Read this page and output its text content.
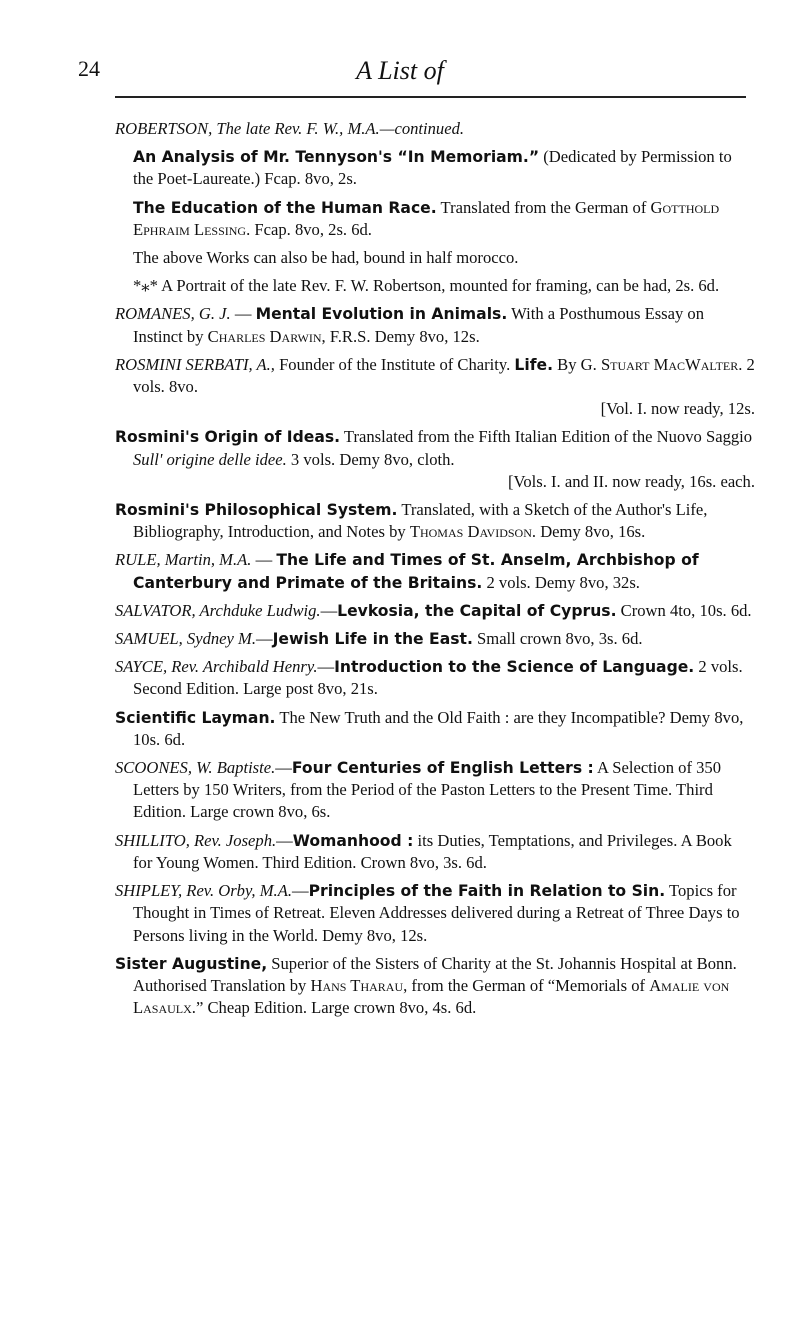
24	A List of
ROBERTSON, The late Rev. F. W., M.A.—continued.
An Analysis of Mr. Tennyson's “In Memoriam.” (Dedicated by Permission to the Poet-Laureate.) Fcap. 8vo, 2s.
The Education of the Human Race. Translated from the German of Gotthold Ephraim Lessing. Fcap. 8vo, 2s. 6d.
The above Works can also be had, bound in half morocco.
*⁎* A Portrait of the late Rev. F. W. Robertson, mounted for framing, can be had, 2s. 6d.
ROMANES, G. J. — Mental Evolution in Animals. With a Posthumous Essay on Instinct by Charles Darwin, F.R.S. Demy 8vo, 12s.
ROSMINI SERBATI, A., Founder of the Institute of Charity. Life. By G. Stuart MacWalter. 2 vols. 8vo.
[Vol. I. now ready, 12s.
Rosmini's Origin of Ideas. Translated from the Fifth Italian Edition of the Nuovo Saggio Sull' origine delle idee. 3 vols. Demy 8vo, cloth.
[Vols. I. and II. now ready, 16s. each.
Rosmini's Philosophical System. Translated, with a Sketch of the Author's Life, Bibliography, Introduction, and Notes by Thomas Davidson. Demy 8vo, 16s.
RULE, Martin, M.A. — The Life and Times of St. Anselm, Archbishop of Canterbury and Primate of the Britains. 2 vols. Demy 8vo, 32s.
SALVATOR, Archduke Ludwig.—Levkosia, the Capital of Cyprus. Crown 4to, 10s. 6d.
SAMUEL, Sydney M.—Jewish Life in the East. Small crown 8vo, 3s. 6d.
SAYCE, Rev. Archibald Henry.—Introduction to the Science of Language. 2 vols. Second Edition. Large post 8vo, 21s.
Scientific Layman. The New Truth and the Old Faith : are they Incompatible? Demy 8vo, 10s. 6d.
SCOONES, W. Baptiste.—Four Centuries of English Letters : A Selection of 350 Letters by 150 Writers, from the Period of the Paston Letters to the Present Time. Third Edition. Large crown 8vo, 6s.
SHILLITO, Rev. Joseph.—Womanhood : its Duties, Temptations, and Privileges. A Book for Young Women. Third Edition. Crown 8vo, 3s. 6d.
SHIPLEY, Rev. Orby, M.A.—Principles of the Faith in Relation to Sin. Topics for Thought in Times of Retreat. Eleven Addresses delivered during a Retreat of Three Days to Persons living in the World. Demy 8vo, 12s.
Sister Augustine, Superior of the Sisters of Charity at the St. Johannis Hospital at Bonn. Authorised Translation by Hans Tharau, from the German of “Memorials of Amalie von Lasaulx.” Cheap Edition. Large crown 8vo, 4s. 6d.
